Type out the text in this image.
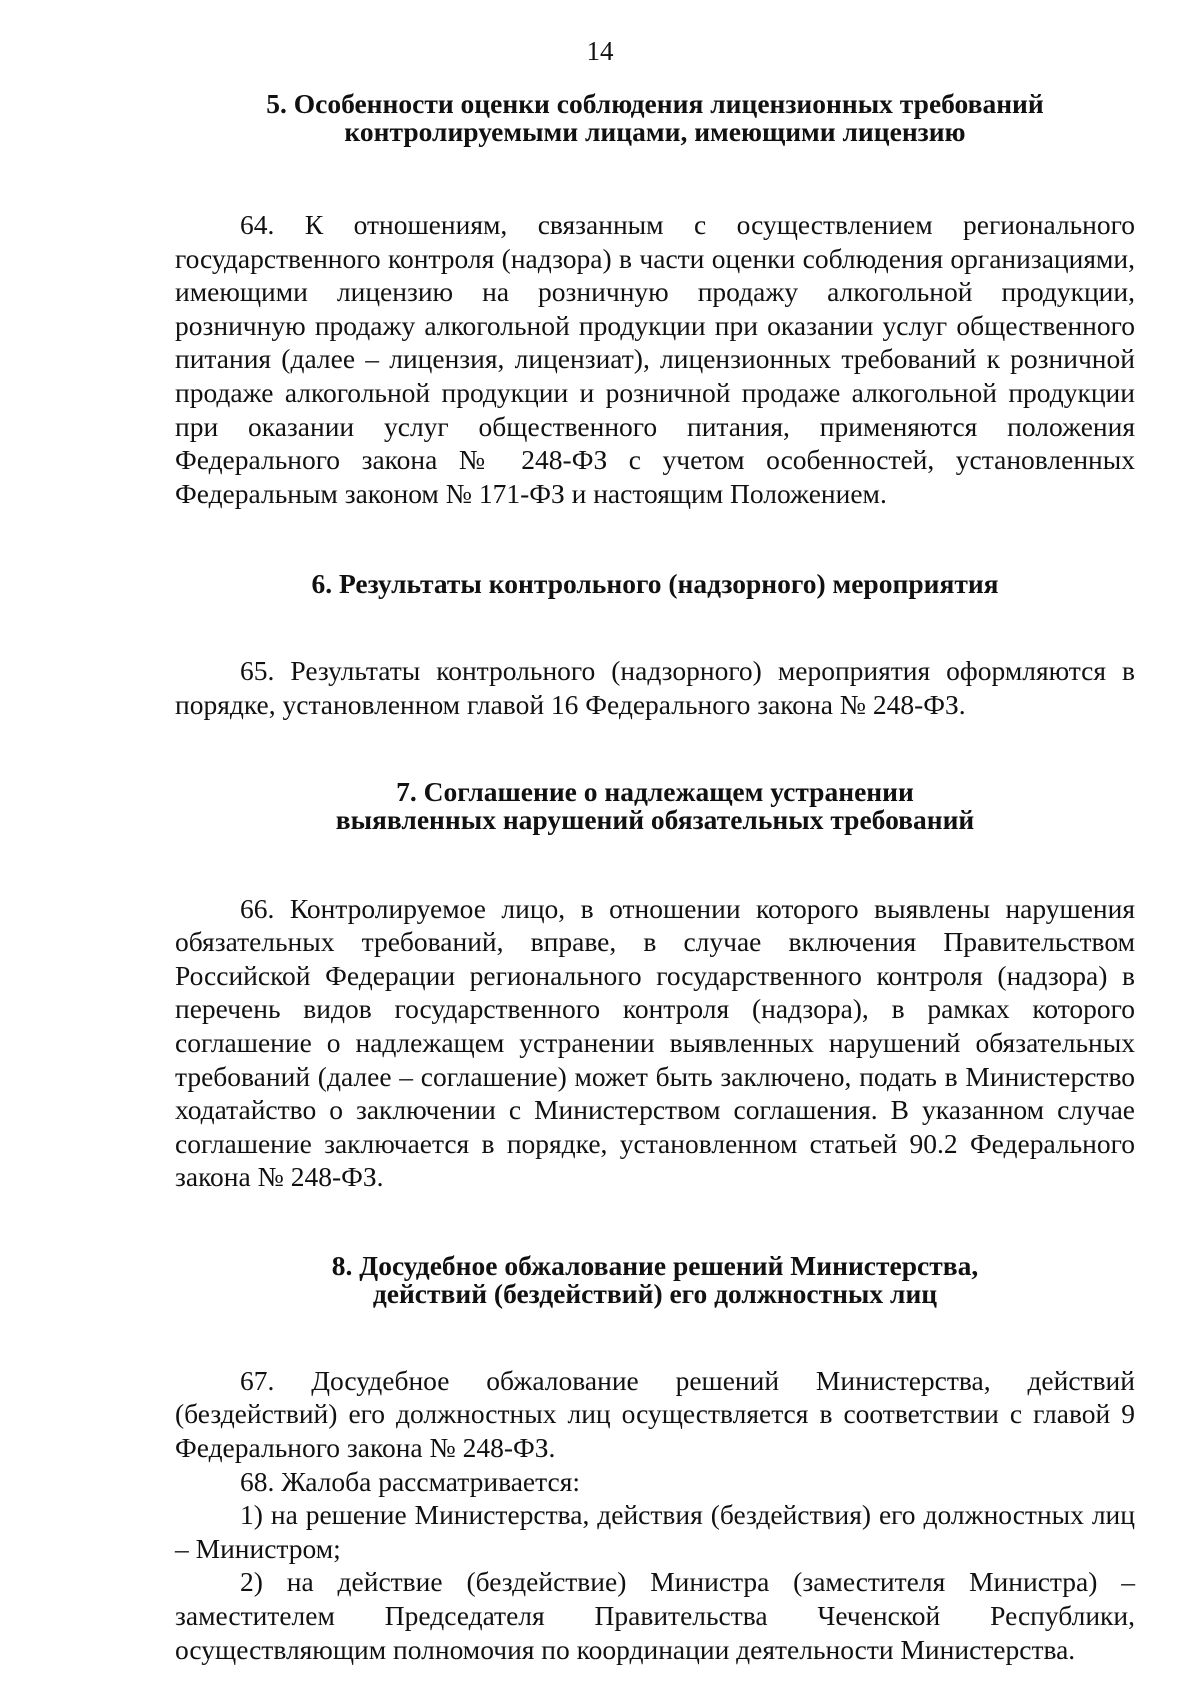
14
5. Особенности оценки соблюдения лицензионных требований
контролируемыми лицами, имеющими лицензию

64. К отношениям, связанным с осуществлением регионального государственного контроля (надзора) в части оценки соблюдения организациями, имеющими лицензию на розничную продажу алкогольной продукции, розничную продажу алкогольной продукции при оказании услуг общественного питания (далее – лицензия, лицензиат), лицензионных требований к розничной продаже алкогольной продукции и розничной продаже алкогольной продукции при оказании услуг общественного питания, применяются положения Федерального закона № 248-ФЗ с учетом особенностей, установленных Федеральным законом № 171-ФЗ и настоящим Положением.

6. Результаты контрольного (надзорного) мероприятия

65. Результаты контрольного (надзорного) мероприятия оформляются в порядке, установленном главой 16 Федерального закона № 248-ФЗ.

7. Соглашение о надлежащем устранении
выявленных нарушений обязательных требований

66. Контролируемое лицо, в отношении которого выявлены нарушения обязательных требований, вправе, в случае включения Правительством Российской Федерации регионального государственного контроля (надзора) в перечень видов государственного контроля (надзора), в рамках которого соглашение о надлежащем устранении выявленных нарушений обязательных требований (далее – соглашение) может быть заключено, подать в Министерство ходатайство о заключении с Министерством соглашения. В указанном случае соглашение заключается в порядке, установленном статьей 90.2 Федерального закона № 248-ФЗ.

8. Досудебное обжалование решений Министерства,
действий (бездействий) его должностных лиц

67. Досудебное обжалование решений Министерства, действий (бездействий) его должностных лиц осуществляется в соответствии с главой 9 Федерального закона № 248-ФЗ.

68. Жалоба рассматривается:

1) на решение Министерства, действия (бездействия) его должностных лиц – Министром;

2) на действие (бездействие) Министра (заместителя Министра) – заместителем Председателя Правительства Чеченской Республики, осуществляющим полномочия по координации деятельности Министерства.
